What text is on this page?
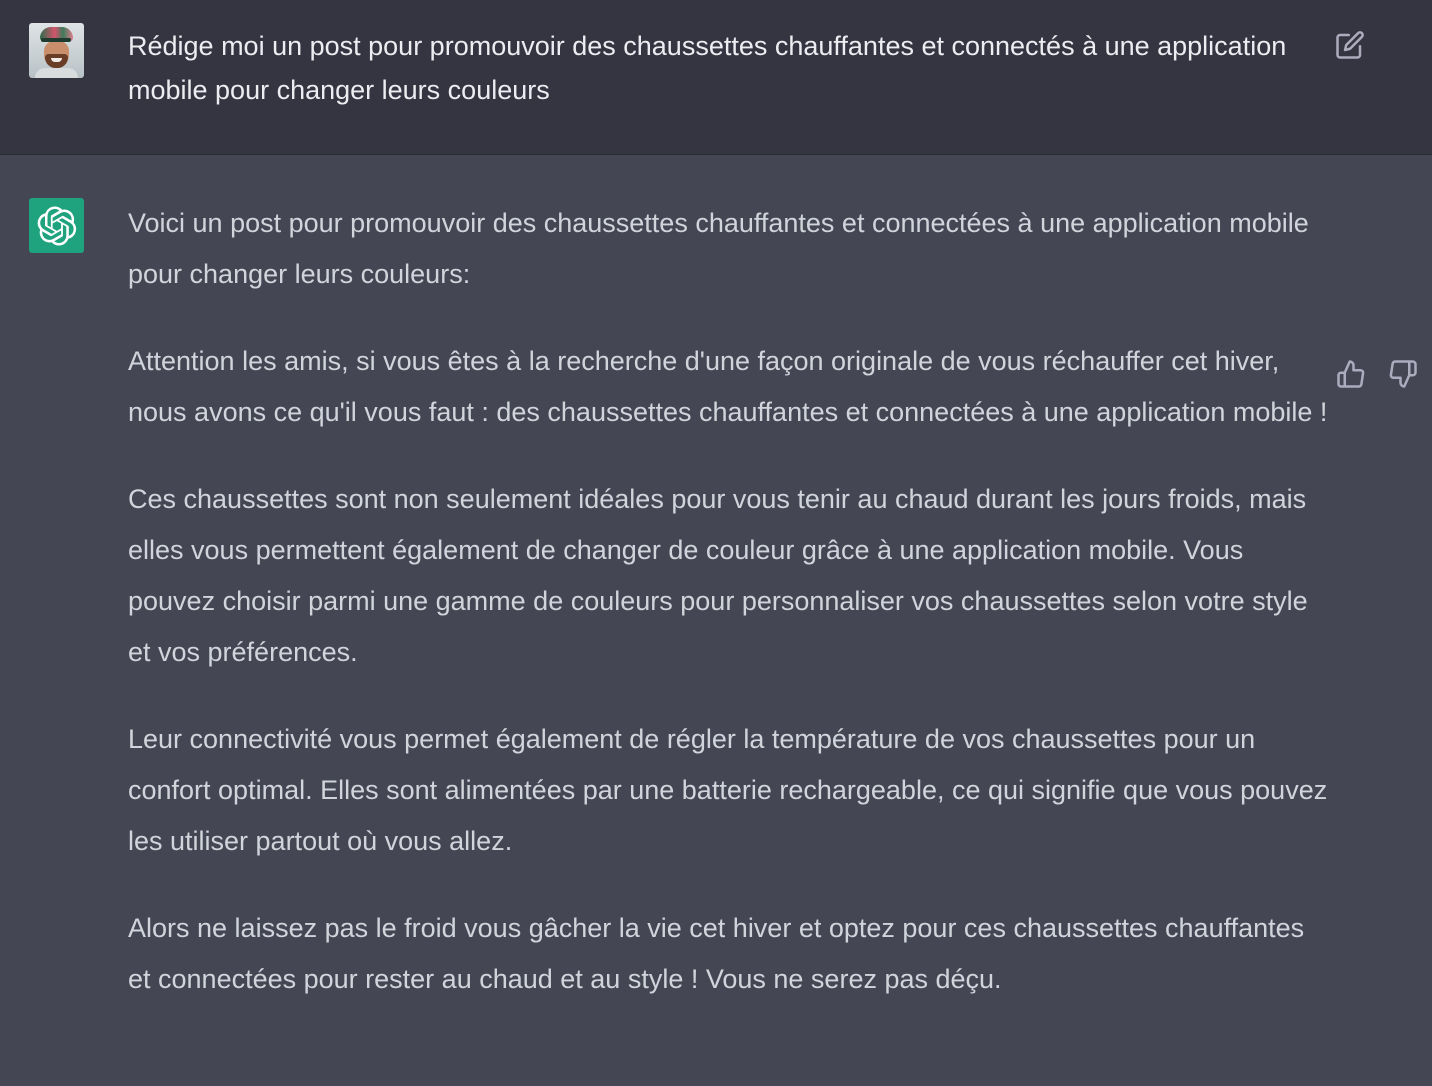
Rédige moi un post pour promouvoir des chaussettes chauffantes et connectés à une application mobile pour changer leurs couleurs

Voici un post pour promouvoir des chaussettes chauffantes et connectées à une application mobile pour changer leurs couleurs:

Attention les amis, si vous êtes à la recherche d'une façon originale de vous réchauffer cet hiver, nous avons ce qu'il vous faut : des chaussettes chauffantes et connectées à une application mobile !

Ces chaussettes sont non seulement idéales pour vous tenir au chaud durant les jours froids, mais elles vous permettent également de changer de couleur grâce à une application mobile. Vous pouvez choisir parmi une gamme de couleurs pour personnaliser vos chaussettes selon votre style et vos préférences.

Leur connectivité vous permet également de régler la température de vos chaussettes pour un confort optimal. Elles sont alimentées par une batterie rechargeable, ce qui signifie que vous pouvez les utiliser partout où vous allez.

Alors ne laissez pas le froid vous gâcher la vie cet hiver et optez pour ces chaussettes chauffantes et connectées pour rester au chaud et au style ! Vous ne serez pas déçu.
